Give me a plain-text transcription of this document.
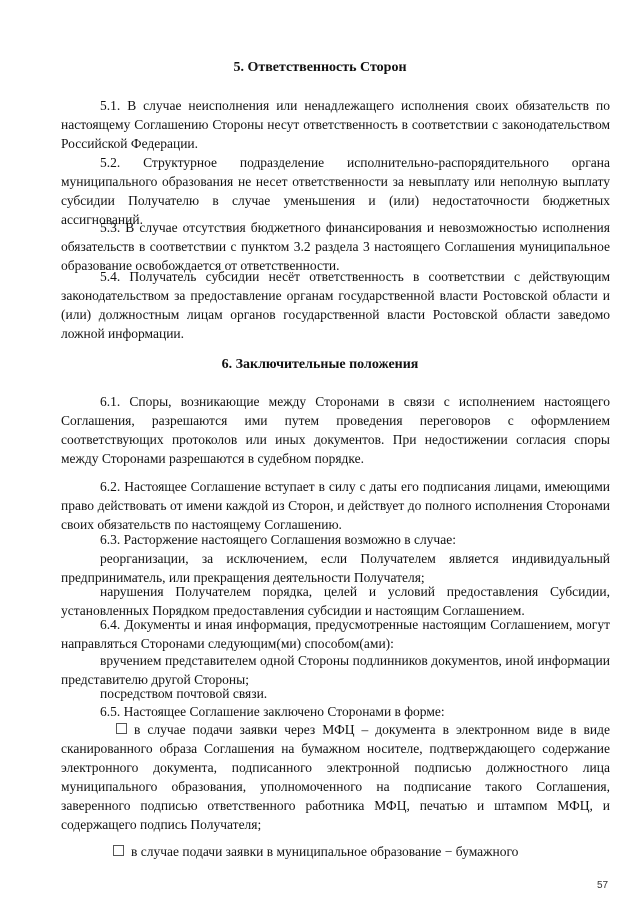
5. Ответственность Сторон

5.1. В случае неисполнения или ненадлежащего исполнения своих обязательств по настоящему Соглашению Стороны несут ответственность в соответствии с законодательством Российской Федерации.

5.2. Структурное подразделение исполнительно-распорядительного органа муниципального образования не несет ответственности за невыплату или неполную выплату субсидии Получателю в случае уменьшения и (или) недостаточности бюджетных ассигнований.

5.3. В случае отсутствия бюджетного финансирования и невозможностью исполнения обязательств в соответствии с пунктом 3.2 раздела 3 настоящего Соглашения муниципальное образование освобождается от ответственности.

5.4. Получатель субсидии несёт ответственность в соответствии с действующим законодательством за предоставление органам государственной власти Ростовской области и (или) должностным лицам органов государственной власти Ростовской области заведомо ложной информации.

6. Заключительные положения

6.1. Споры, возникающие между Сторонами в связи с исполнением настоящего Соглашения, разрешаются ими путем проведения переговоров с оформлением соответствующих протоколов или иных документов. При недостижении согласия споры между Сторонами разрешаются в судебном порядке.

6.2. Настоящее Соглашение вступает в силу с даты его подписания лицами, имеющими право действовать от имени каждой из Сторон, и действует до полного исполнения Сторонами своих обязательств по настоящему Соглашению.

6.3. Расторжение настоящего Соглашения возможно в случае:

реорганизации, за исключением, если Получателем является индивидуальный предприниматель, или прекращения деятельности Получателя;

нарушения Получателем порядка, целей и условий предоставления Субсидии, установленных Порядком предоставления субсидии и настоящим Соглашением.

6.4. Документы и иная информация, предусмотренные настоящим Соглашением, могут направляться Сторонами следующим(ми) способом(ами):

вручением представителем одной Стороны подлинников документов, иной информации представителю другой Стороны;

посредством почтовой связи.

6.5. Настоящее Соглашение заключено Сторонами в форме:

в случае подачи заявки через МФЦ – документа в электронном виде в виде сканированного образа Соглашения на бумажном носителе, подтверждающего содержание электронного документа, подписанного электронной подписью должностного лица муниципального образования, уполномоченного на подписание такого Соглашения, заверенного подписью ответственного работника МФЦ, печатью и штампом МФЦ, и содержащего подпись Получателя;

в случае подачи заявки в муниципальное образование − бумажного

57
